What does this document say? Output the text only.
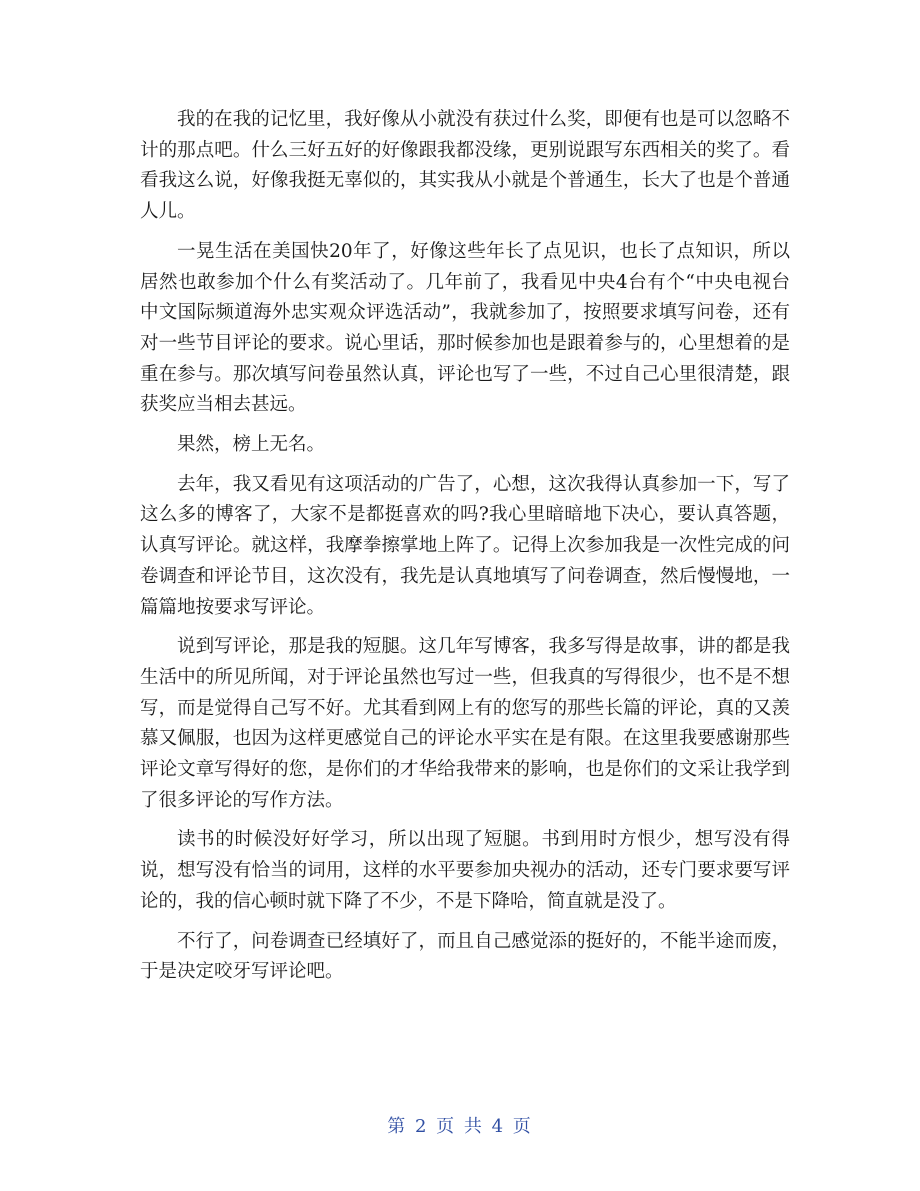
我的在我的记忆里，我好像从小就没有获过什么奖，即便有也是可以忽略不计的那点吧。什么三好五好的好像跟我都没缘，更别说跟写东西相关的奖了。看看我这么说，好像我挺无辜似的，其实我从小就是个普通生，长大了也是个普通人儿。

一晃生活在美国快20年了，好像这些年长了点见识，也长了点知识，所以居然也敢参加个什么有奖活动了。几年前了，我看见中央4台有个“中央电视台中文国际频道海外忠实观众评选活动”，我就参加了，按照要求填写问卷，还有对一些节目评论的要求。说心里话，那时候参加也是跟着参与的，心里想着的是重在参与。那次填写问卷虽然认真，评论也写了一些，不过自己心里很清楚，跟获奖应当相去甚远。

果然，榜上无名。

去年，我又看见有这项活动的广告了，心想，这次我得认真参加一下，写了这么多的博客了，大家不是都挺喜欢的吗?我心里暗暗地下决心，要认真答题，认真写评论。就这样，我摩拳擦掌地上阵了。记得上次参加我是一次性完成的问卷调查和评论节目，这次没有，我先是认真地填写了问卷调查，然后慢慢地，一篇篇地按要求写评论。

说到写评论，那是我的短腿。这几年写博客，我多写得是故事，讲的都是我生活中的所见所闻，对于评论虽然也写过一些，但我真的写得很少，也不是不想写，而是觉得自己写不好。尤其看到网上有的您写的那些长篇的评论，真的又羡慕又佩服，也因为这样更感觉自己的评论水平实在是有限。在这里我要感谢那些评论文章写得好的您，是你们的才华给我带来的影响，也是你们的文采让我学到了很多评论的写作方法。

读书的时候没好好学习，所以出现了短腿。书到用时方恨少，想写没有得说，想写没有恰当的词用，这样的水平要参加央视办的活动，还专门要求要写评论的，我的信心顿时就下降了不少，不是下降哈，简直就是没了。

不行了，问卷调查已经填好了，而且自己感觉添的挺好的，不能半途而废，于是决定咬牙写评论吧。

第 2 页 共 4 页
